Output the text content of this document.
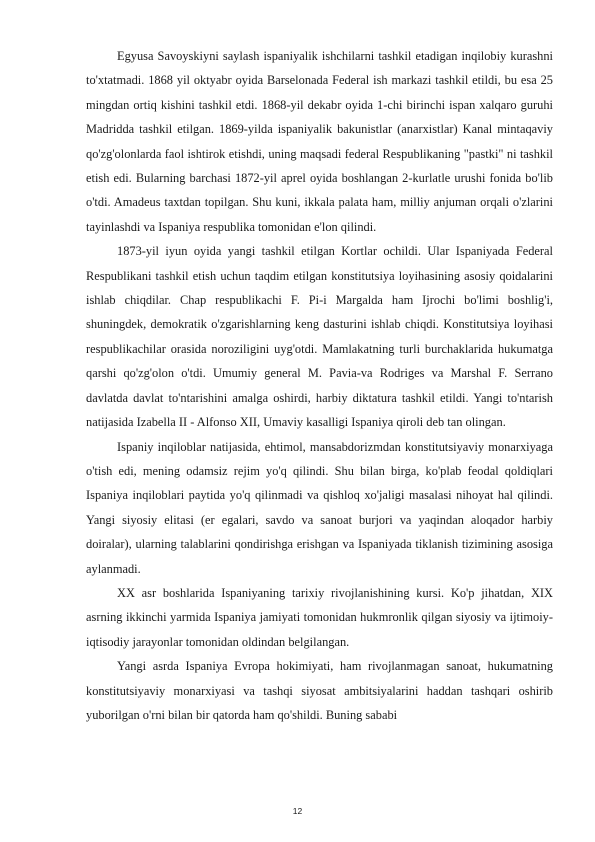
Egyusa Savoyskiyni saylash ispaniyalik ishchilarni tashkil etadigan inqilobiy kurashni to'xtatmadi. 1868 yil oktyabr oyida Barselonada Federal ish markazi tashkil etildi, bu esa 25 mingdan ortiq kishini tashkil etdi. 1868-yil dekabr oyida 1-chi birinchi ispan xalqaro guruhi Madridda tashkil etilgan. 1869-yilda ispaniyalik bakunistlar (anarxistlar) Kanal mintaqaviy qo'zg'olonlarda faol ishtirok etishdi, uning maqsadi federal Respublikaning "pastki" ni tashkil etish edi. Bularning barchasi 1872-yil aprel oyida boshlangan 2-kurlatle urushi fonida bo'lib o'tdi. Amadeus taxtdan topilgan. Shu kuni, ikkala palata ham, milliy anjuman orqali o'zlarini tayinlashdi va Ispaniya respublika tomonidan e'lon qilindi.

1873-yil iyun oyida yangi tashkil etilgan Kortlar ochildi. Ular Ispaniyada Federal Respublikani tashkil etish uchun taqdim etilgan konstitutsiya loyihasining asosiy qoidalarini ishlab chiqdilar. Chap respublikachi F. Pi-i Margalda ham Ijrochi bo'limi boshlig'i, shuningdek, demokratik o'zgarishlarning keng dasturini ishlab chiqdi. Konstitutsiya loyihasi respublikachilar orasida noroziligini uyg'otdi. Mamlakatning turli burchaklarida hukumatga qarshi qo'zg'olon o'tdi. Umumiy general M. Pavia-va Rodriges va Marshal F. Serrano davlatda davlat to'ntarishini amalga oshirdi, harbiy diktatura tashkil etildi. Yangi to'ntarish natijasida Izabella II - Alfonso XII, Umaviy kasalligi Ispaniya qiroli deb tan olingan.

Ispaniy inqiloblar natijasida, ehtimol, mansabdorizmdan konstitutsiyaviy monarxiyaga o'tish edi, mening odamsiz rejim yo'q qilindi. Shu bilan birga, ko'plab feodal qoldiqlari Ispaniya inqiloblari paytida yo'q qilinmadi va qishloq xo'jaligi masalasi nihoyat hal qilindi. Yangi siyosiy elitasi (er egalari, savdo va sanoat burjori va yaqindan aloqador harbiy doiralar), ularning talablarini qondirishga erishgan va Ispaniyada tiklanish tizimining asosiga aylanmadi.

XX asr boshlarida Ispaniyaning tarixiy rivojlanishining kursi. Ko'p jihatdan, XIX asrning ikkinchi yarmida Ispaniya jamiyati tomonidan hukmronlik qilgan siyosiy va ijtimoiy-iqtisodiy jarayonlar tomonidan oldindan belgilangan.

Yangi asrda Ispaniya Evropa hokimiyati, ham rivojlanmagan sanoat, hukumatning konstitutsiyaviy monarxiyasi va tashqi siyosat ambitsiyalarini haddan tashqari oshirib yuborilgan o'rni bilan bir qatorda ham qo'shildi. Buning sababi

12
